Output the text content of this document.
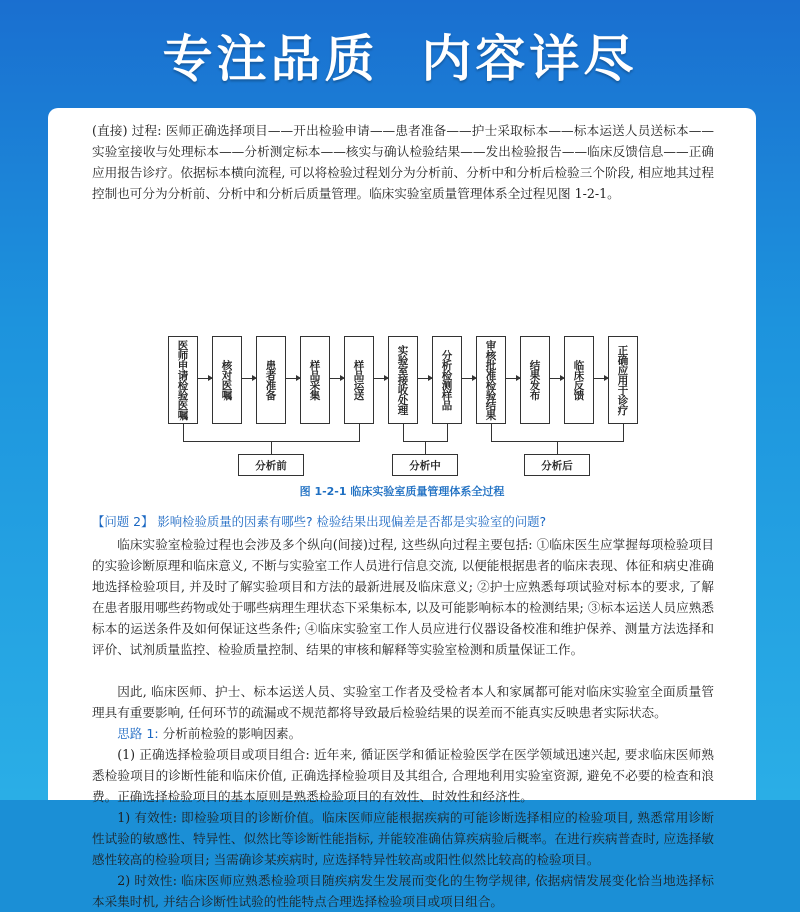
专注品质  内容详尽

(直接) 过程: 医师正确选择项目——开出检验申请——患者准备——护士采取标本——标本运送人员送标本——实验室接收与处理标本——分析测定标本——核实与确认检验结果——发出检验报告——临床反馈信息——正确应用报告诊疗。依据标本横向流程, 可以将检验过程划分为分析前、分析中和分析后检验三个阶段, 相应地其过程控制也可分为分析前、分析中和分析后质量管理。临床实验室质量管理体系全过程见图 1-2-1。

医师申请检验医嘱	核对医嘱	患者准备	样品采集	样品运送	实验室接收处理	分析检测样品	审核批准检验结果	结果发布	临床反馈	正确应用于诊疗
分析前	分析中	分析后
图 1-2-1 临床实验室质量管理体系全过程
【问题 2】 影响检验质量的因素有哪些? 检验结果出现偏差是否都是实验室的问题?

临床实验室检验过程也会涉及多个纵向(间接)过程, 这些纵向过程主要包括: ①临床医生应掌握每项检验项目的实验诊断原理和临床意义, 不断与实验室工作人员进行信息交流, 以便能根据患者的临床表现、体征和病史准确地选择检验项目, 并及时了解实验项目和方法的最新进展及临床意义; ②护士应熟悉每项试验对标本的要求, 了解在患者服用哪些药物或处于哪些病理生理状态下采集标本, 以及可能影响标本的检测结果; ③标本运送人员应熟悉标本的运送条件及如何保证这些条件; ④临床实验室工作人员应进行仪器设备校准和维护保养、测量方法选择和评价、试剂质量监控、检验质量控制、结果的审核和解释等实验室检测和质量保证工作。

因此, 临床医师、护士、标本运送人员、实验室工作者及受检者本人和家属都可能对临床实验室全面质量管理具有重要影响, 任何环节的疏漏或不规范都将导致最后检验结果的误差而不能真实反映患者实际状态。

思路 1: 分析前检验的影响因素。

(1) 正确选择检验项目或项目组合: 近年来, 循证医学和循证检验医学在医学领域迅速兴起, 要求临床医师熟悉检验项目的诊断性能和临床价值, 正确选择检验项目及其组合, 合理地利用实验室资源, 避免不必要的检查和浪费。正确选择检验项目的基本原则是熟悉检验项目的有效性、时效性和经济性。

1) 有效性: 即检验项目的诊断价值。临床医师应能根据疾病的可能诊断选择相应的检验项目, 熟悉常用诊断性试验的敏感性、特异性、似然比等诊断性能指标, 并能较准确估算疾病验后概率。在进行疾病普查时, 应选择敏感性较高的检验项目; 当需确诊某疾病时, 应选择特异性较高或阳性似然比较高的检验项目。

2) 时效性: 临床医师应熟悉检验项目随疾病发生发展而变化的生物学规律, 依据病情发展变化恰当地选择标本采集时机, 并结合诊断性试验的性能特点合理选择检验项目或项目组合。
